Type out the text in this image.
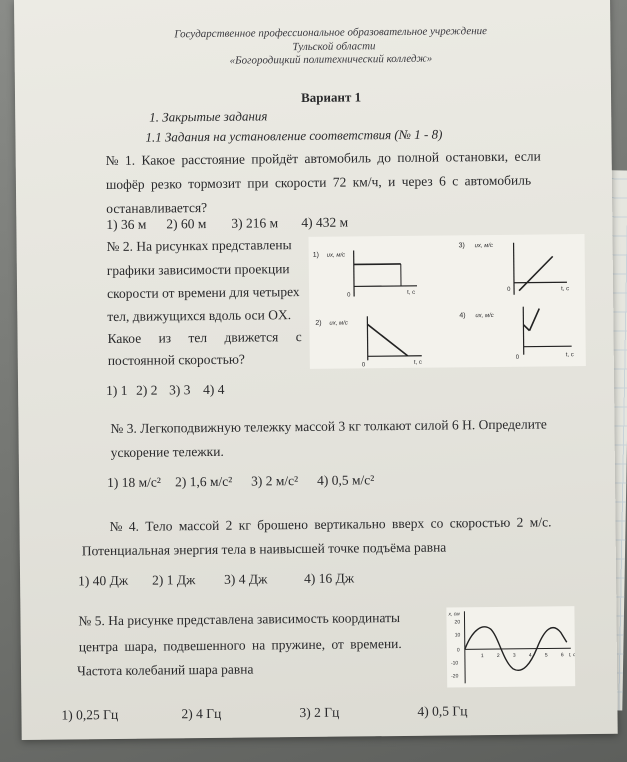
Государственное профессиональное образовательное учреждение
Тульской области
«Богородицкий политехнический колледж»
Вариант 1
1. Закрытые задания
1.1 Задания на установление соответствия (№ 1 - 8)
№ 1. Какое расстояние пройдёт автомобиль до полной остановки, если
шофёр резко тормозит при скорости 72 км/ч, и через 6 с автомобиль
останавливается?
1) 36 м 2) 60 м 3) 216 м 4) 432 м
№ 2. На рисунках представлены
графики зависимости проекции
скорости от времени для четырех
тел, движущихся вдоль оси OX.
Какое из тел движется с
постоянной скоростью?
1) υx, м/с
0	t, с
2) υx, м/с
0	t, с
3) υx, м/с
0	t, с
4) υx, м/с
0	t, с
1) 1 2) 2 3) 3 4) 4
№ 3. Легкоподвижную тележку массой 3 кг толкают силой 6 Н. Определите
ускорение тележки.
1) 18 м/с² 2) 1,6 м/с² 3) 2 м/с² 4) 0,5 м/с²
№ 4. Тело массой 2 кг брошено вертикально вверх со скоростью 2 м/с.
Потенциальная энергия тела в наивысшей точке подъёма равна
1) 40 Дж 2) 1 Дж 3) 4 Дж	4) 16 Дж
№ 5. На рисунке представлена зависимость координаты
центра шара, подвешенного на пружине, от времени.
Частота колебаний шара равна
x, см
t, с
20
10
0
-10
-20
1	2	3	4	5	6
1) 0,25 Гц	2) 4 Гц	3) 2 Гц	4) 0,5 Гц
